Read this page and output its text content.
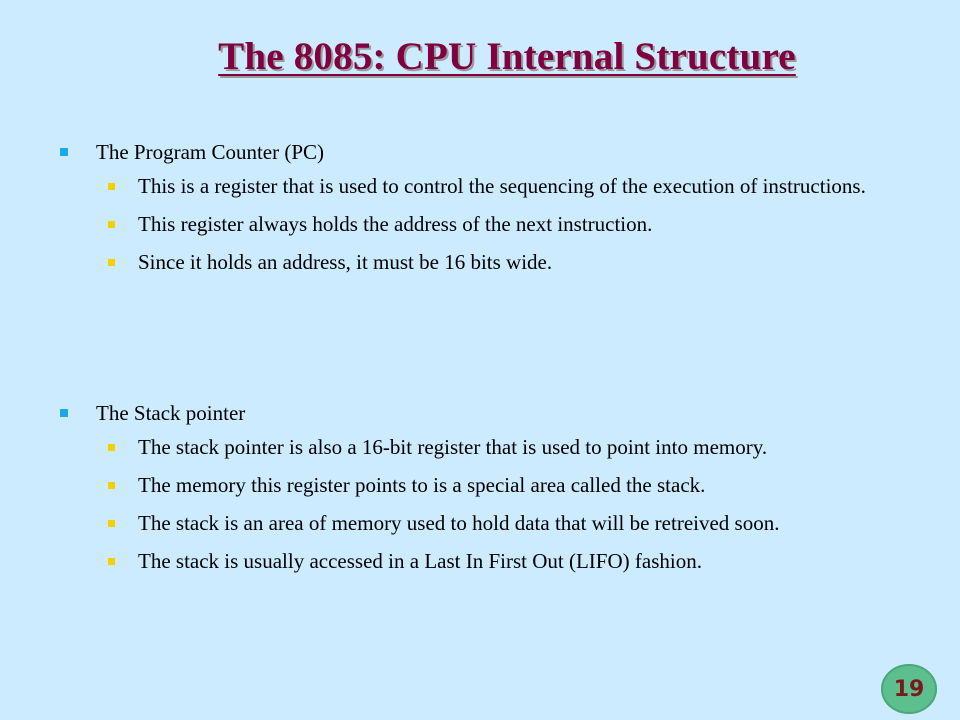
The 8085: CPU Internal Structure
The Program Counter (PC)
This is a register that is used to control the sequencing of the execution of instructions.
This register always holds the address of the next instruction.
Since it holds an address, it must be 16 bits wide.
The Stack pointer
The stack pointer is also a 16-bit register that is used to point into memory.
The memory this register points to is a special area called the stack.
The stack is an area of memory used to hold data that will be retreived soon.
The stack is usually accessed in a Last In First Out (LIFO) fashion.
19
